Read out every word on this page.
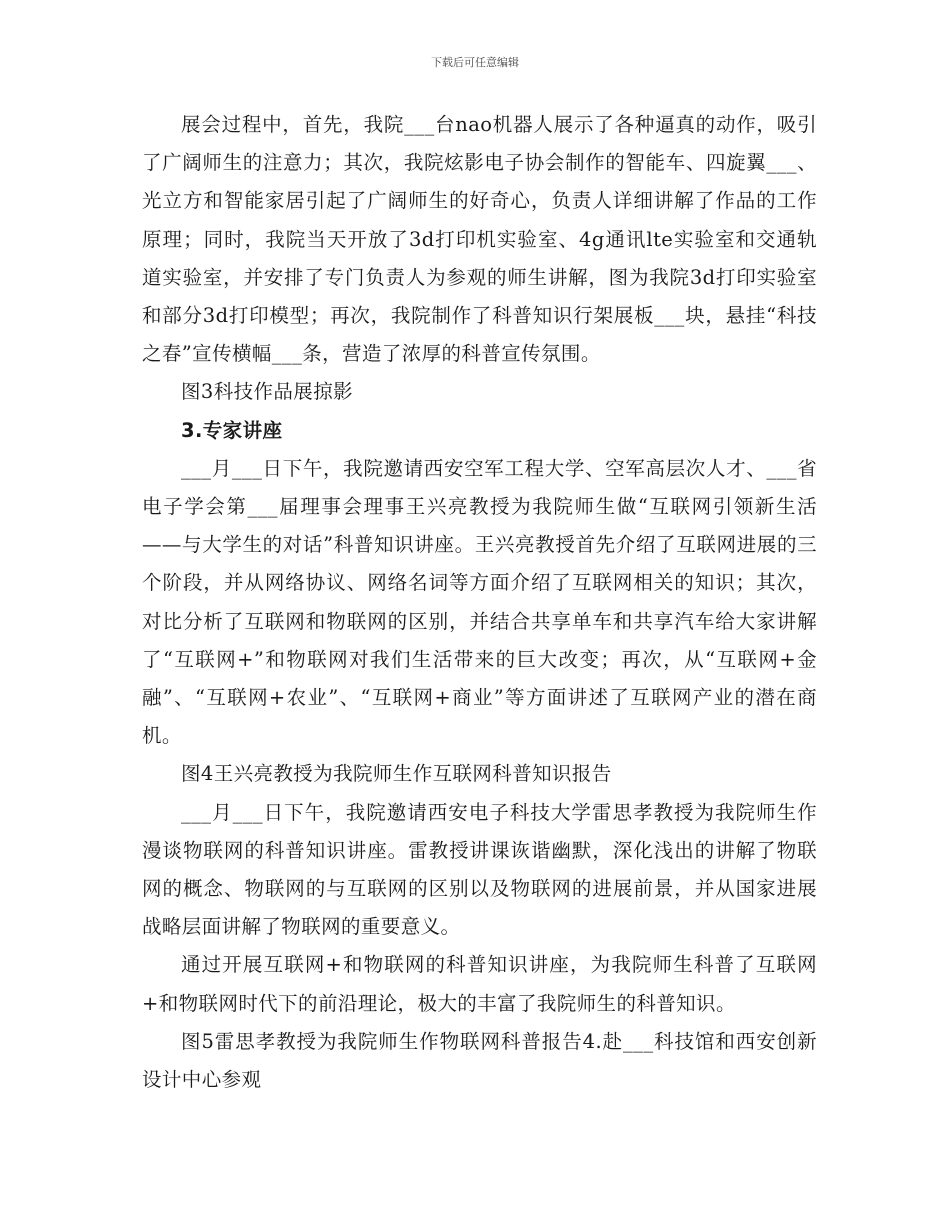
下载后可任意编辑

展会过程中，首先，我院___台nao机器人展示了各种逼真的动作，吸引了广阔师生的注意力；其次，我院炫影电子协会制作的智能车、四旋翼___、光立方和智能家居引起了广阔师生的好奇心，负责人详细讲解了作品的工作原理；同时，我院当天开放了3d打印机实验室、4g通讯lte实验室和交通轨道实验室，并安排了专门负责人为参观的师生讲解，图为我院3d打印实验室和部分3d打印模型；再次，我院制作了科普知识行架展板___块，悬挂“科技之春”宣传横幅___条，营造了浓厚的科普宣传氛围。

图3科技作品展掠影

3.专家讲座

___月___日下午，我院邀请西安空军工程大学、空军高层次人才、___省电子学会第___届理事会理事王兴亮教授为我院师生做“互联网引领新生活——与大学生的对话”科普知识讲座。王兴亮教授首先介绍了互联网进展的三个阶段，并从网络协议、网络名词等方面介绍了互联网相关的知识；其次，对比分析了互联网和物联网的区别，并结合共享单车和共享汽车给大家讲解了“互联网+”和物联网对我们生活带来的巨大改变；再次，从“互联网+金融”、“互联网+农业”、“互联网+商业”等方面讲述了互联网产业的潜在商机。

图4王兴亮教授为我院师生作互联网科普知识报告

___月___日下午，我院邀请西安电子科技大学雷思孝教授为我院师生作漫谈物联网的科普知识讲座。雷教授讲课诙谐幽默，深化浅出的讲解了物联网的概念、物联网的与互联网的区别以及物联网的进展前景，并从国家进展战略层面讲解了物联网的重要意义。

通过开展互联网+和物联网的科普知识讲座，为我院师生科普了互联网+和物联网时代下的前沿理论，极大的丰富了我院师生的科普知识。

图5雷思孝教授为我院师生作物联网科普报告4.赴___科技馆和西安创新设计中心参观
